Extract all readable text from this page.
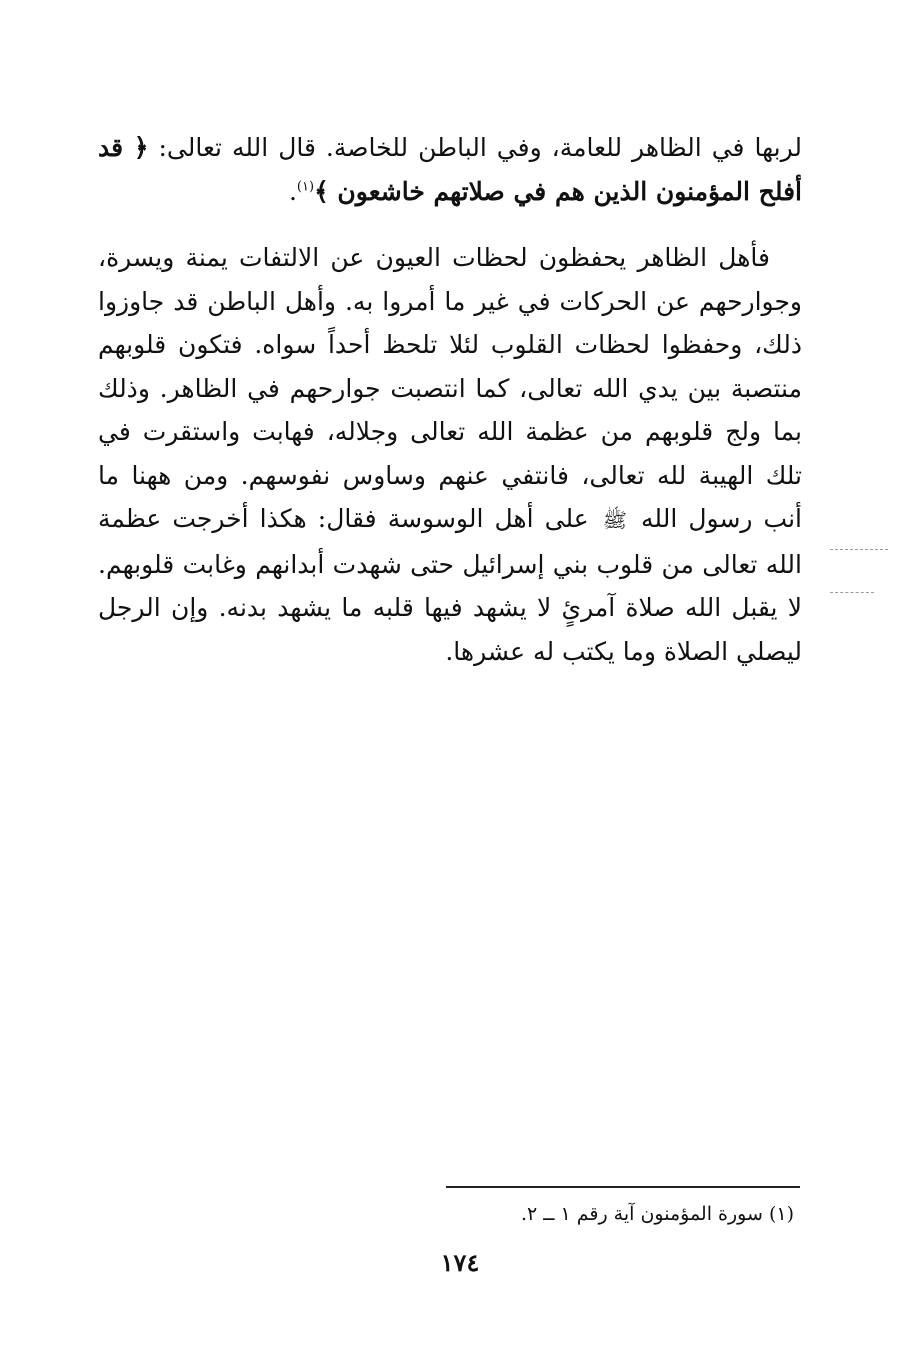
لربها في الظاهر للعامة، وفي الباطن للخاصة. قال الله تعالى: ﴿ قد أفلح المؤمنون الذين هم في صلاتهم خاشعون ﴾$^{(١)}$.

فأهل الظاهر يحفظون لحظات العيون عن الالتفات يمنة ويسرة، وجوارحهم عن الحركات في غير ما أمروا به. وأهل الباطن قد جاوزوا ذلك، وحفظوا لحظات القلوب لئلا تلحظ أحداً سواه. فتكون قلوبهم منتصبة بين يدي الله تعالى، كما انتصبت جوارحهم في الظاهر. وذلك بما ولج قلوبهم من عظمة الله تعالى وجلاله، فهابت واستقرت في تلك الهيبة لله تعالى، فانتفي عنهم وساوس نفوسهم. ومن ههنا ما أنب رسول الله ﷺ على أهل الوسوسة فقال: هكذا أخرجت عظمة الله تعالى من قلوب بني إسرائيل حتى شهدت أبدانهم وغابت قلوبهم. لا يقبل الله صلاة آمرئٍ لا يشهد فيها قلبه ما يشهد بدنه. وإن الرجل ليصلي الصلاة وما يكتب له عشرها.

(١) سورة المؤمنون آية رقم ١ ــ ٢.
١٧٤
